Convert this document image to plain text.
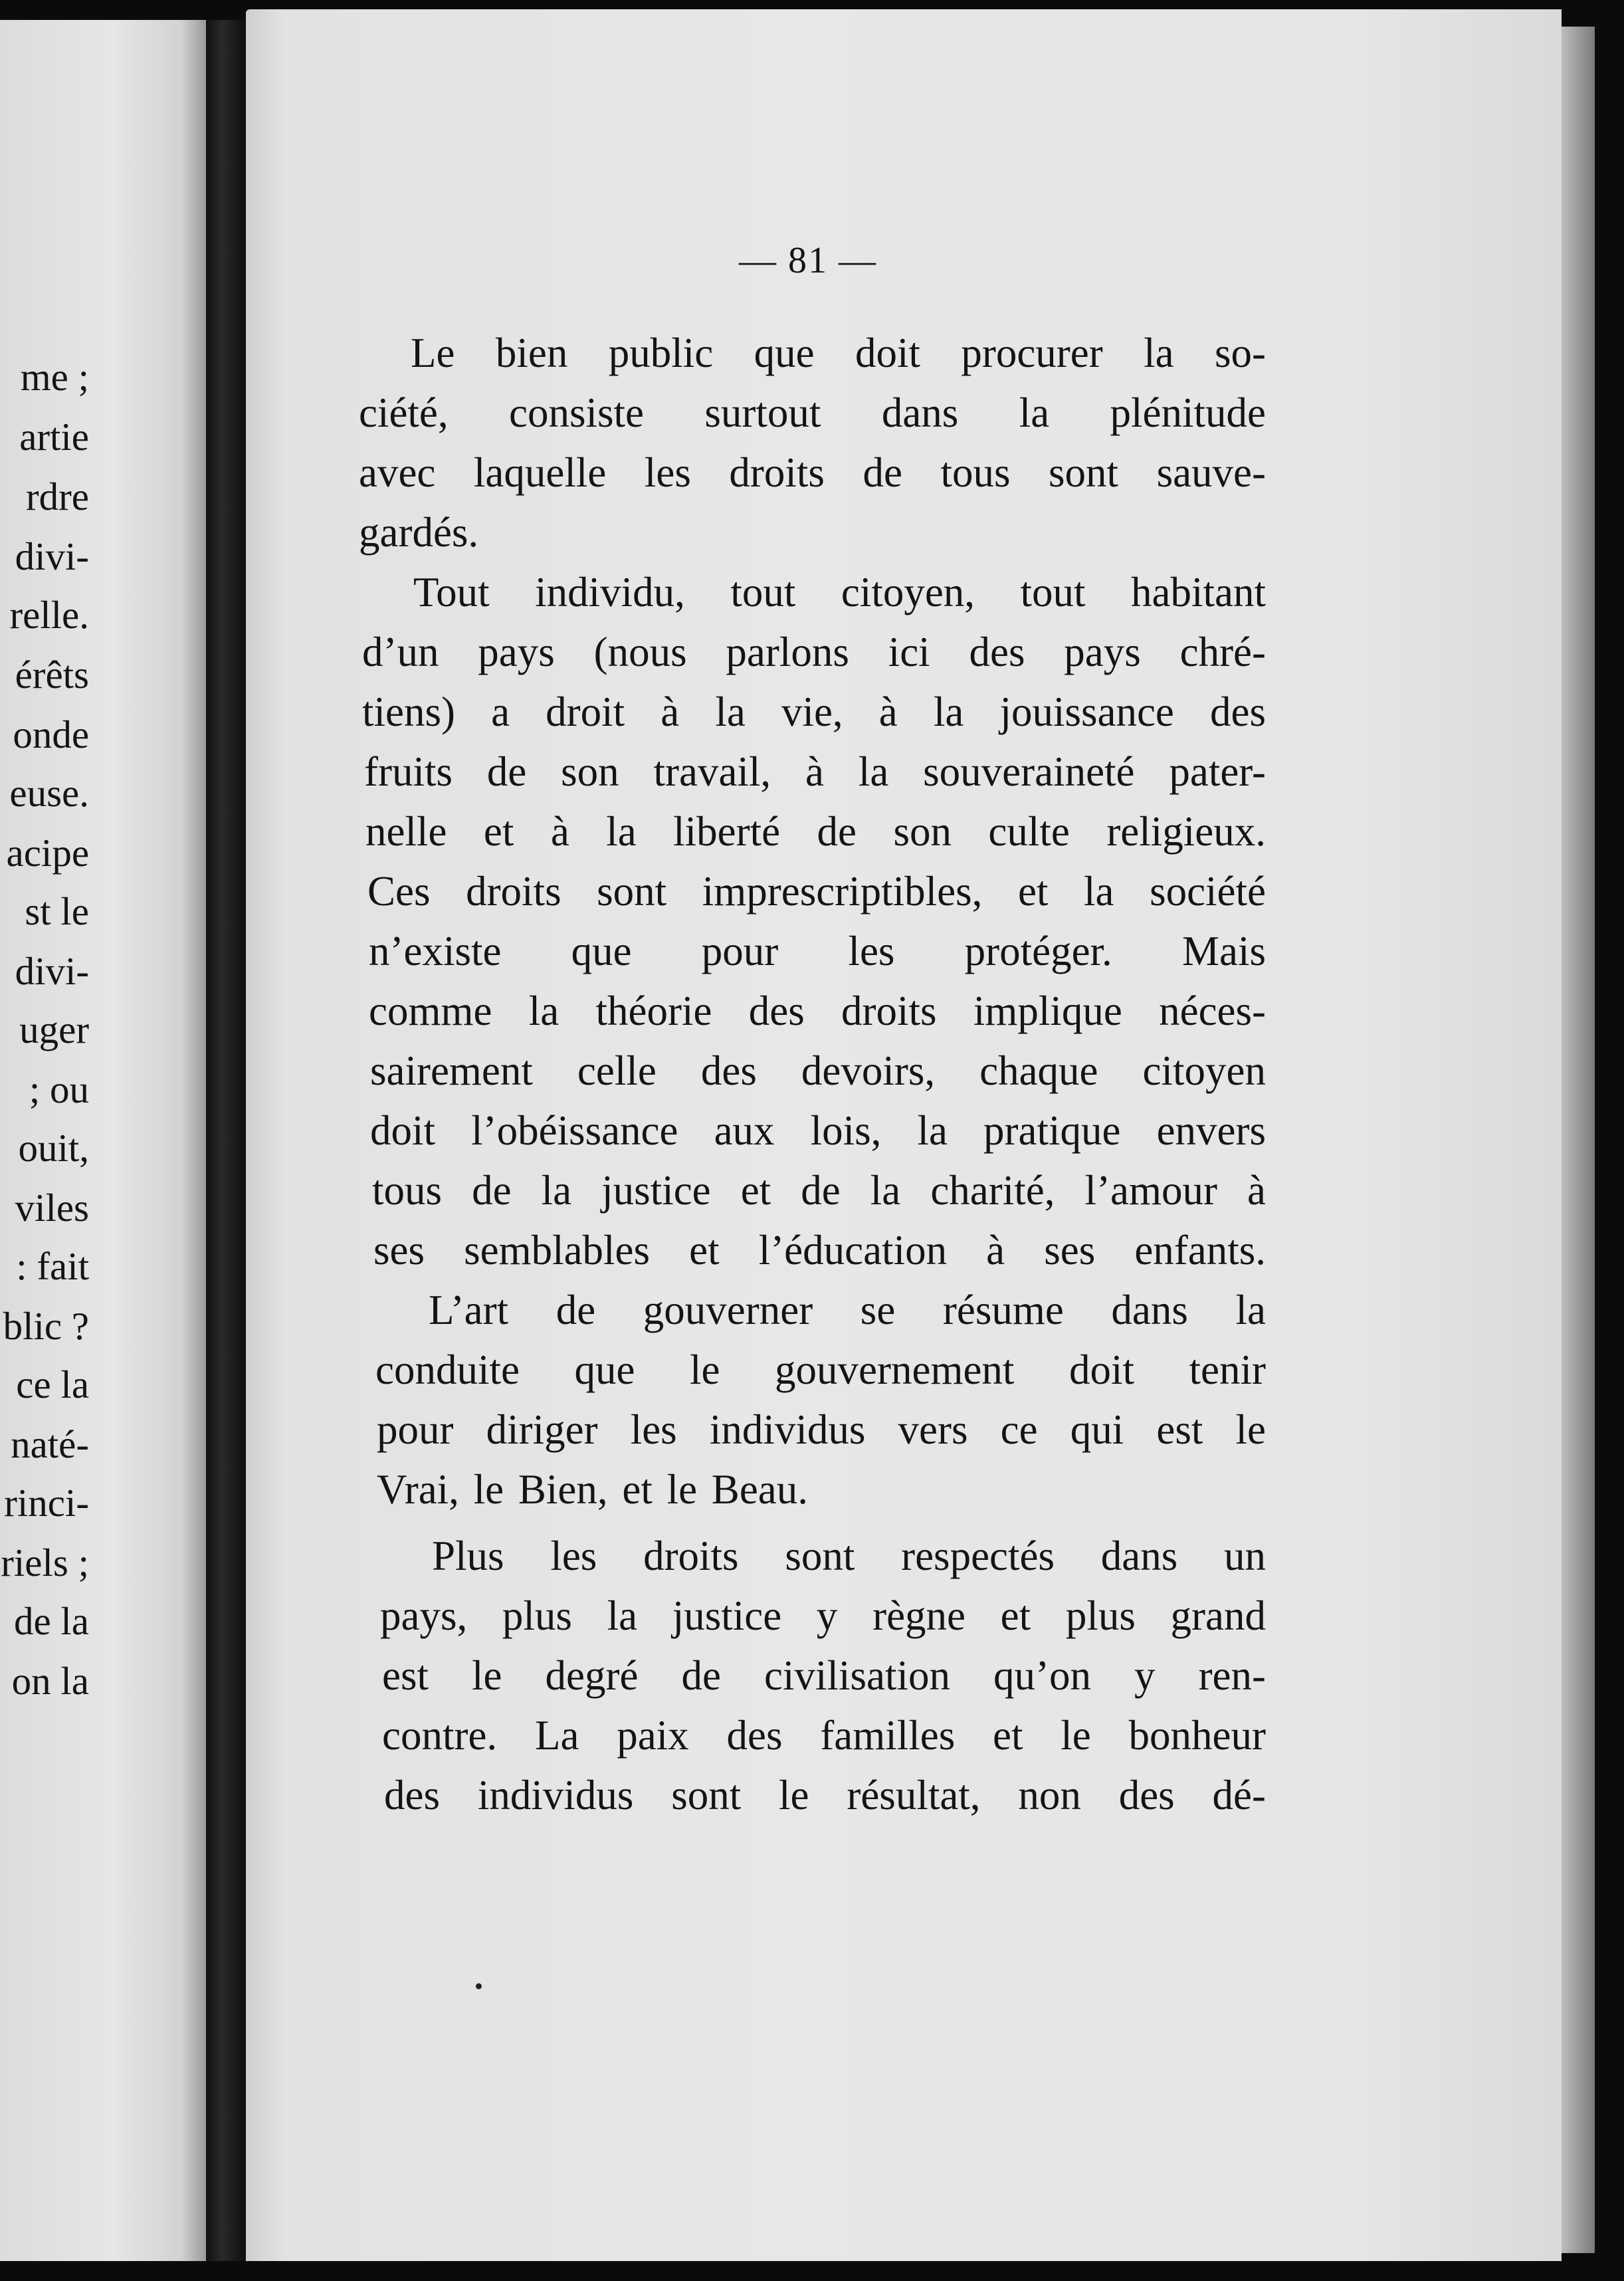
me ;
artie
rdre
divi-
relle.
érêts
onde
euse.
acipe
st le
divi-
uger
; ou
ouit,
viles
: fait
blic ?
ce la
naté-
rinci-
riels ;
de la
on la
— 81 —
Le bien public que doit procurer la so-
ciété, consiste surtout dans la plénitude
avec laquelle les droits de tous sont sauve-
gardés.
Tout individu, tout citoyen, tout habitant
d’un pays (nous parlons ici des pays chré-
tiens) a droit à la vie, à la jouissance des
fruits de son travail, à la souveraineté pater-
nelle et à la liberté de son culte religieux.
Ces droits sont imprescriptibles, et la société
n’existe que pour les protéger. Mais
comme la théorie des droits implique néces-
sairement celle des devoirs, chaque citoyen
doit l’obéissance aux lois, la pratique envers
tous de la justice et de la charité, l’amour à
ses semblables et l’éducation à ses enfants.
L’art de gouverner se résume dans la
conduite que le gouvernement doit tenir
pour diriger les individus vers ce qui est le
Vrai, le Bien, et le Beau.
Plus les droits sont respectés dans un
pays, plus la justice y règne et plus grand
est le degré de civilisation qu’on y ren-
contre. La paix des familles et le bonheur
des individus sont le résultat, non des dé-
